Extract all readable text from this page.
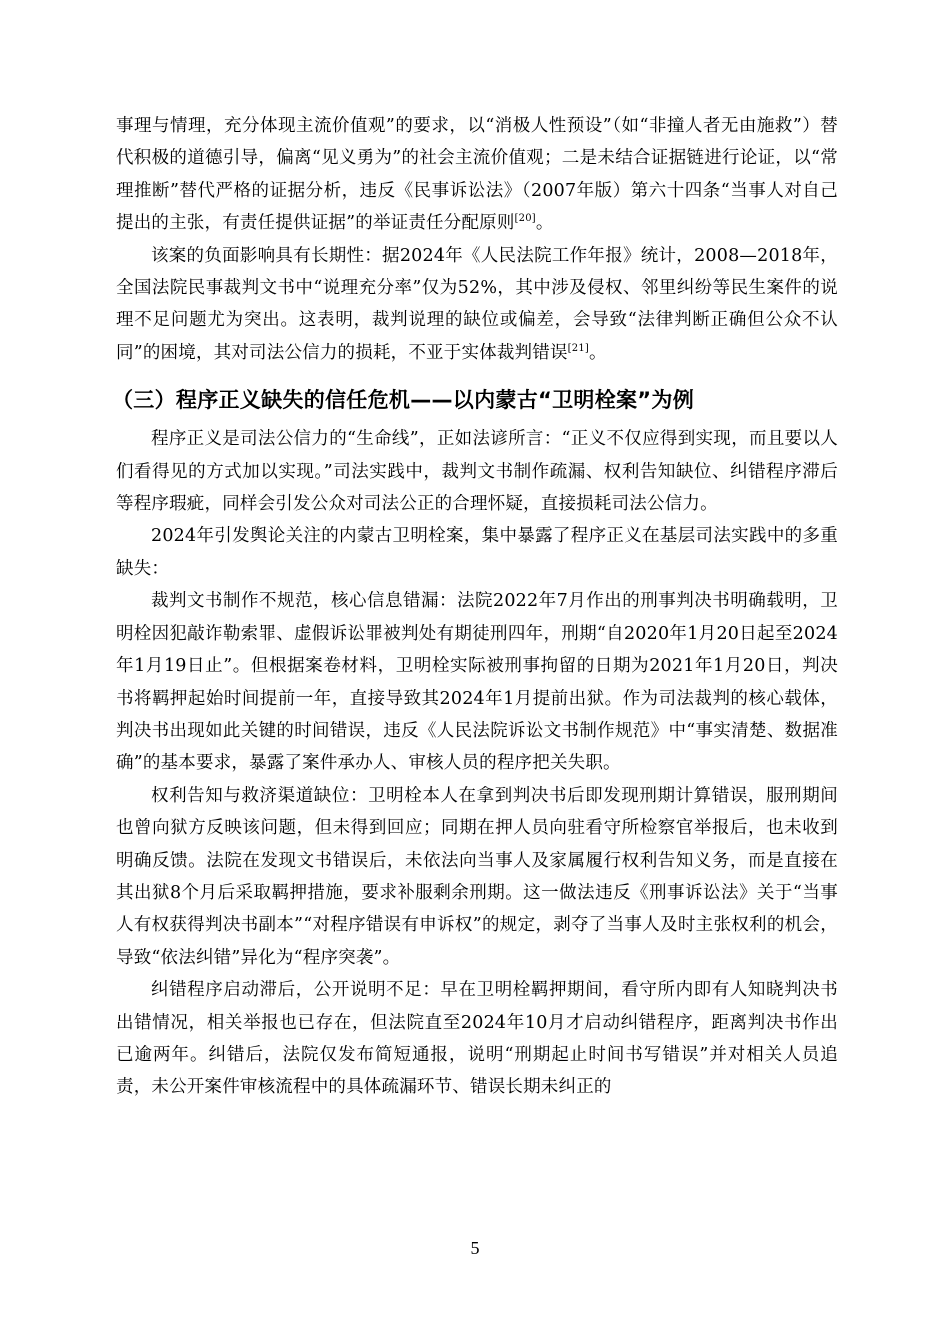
事理与情理，充分体现主流价值观”的要求，以“消极人性预设”（如“非撞人者无由施救”）替代积极的道德引导，偏离“见义勇为”的社会主流价值观；二是未结合证据链进行论证，以“常理推断”替代严格的证据分析，违反《民事诉讼法》（2007年版）第六十四条“当事人对自己提出的主张，有责任提供证据”的举证责任分配原则[20]。

该案的负面影响具有长期性：据2024年《人民法院工作年报》统计，2008—2018年，全国法院民事裁判文书中“说理充分率”仅为52%，其中涉及侵权、邻里纠纷等民生案件的说理不足问题尤为突出。这表明，裁判说理的缺位或偏差，会导致“法律判断正确但公众不认同”的困境，其对司法公信力的损耗，不亚于实体裁判错误[21]。

（三）程序正义缺失的信任危机——以内蒙古“卫明栓案”为例

程序正义是司法公信力的“生命线”，正如法谚所言：“正义不仅应得到实现，而且要以人们看得见的方式加以实现。”司法实践中，裁判文书制作疏漏、权利告知缺位、纠错程序滞后等程序瑕疵，同样会引发公众对司法公正的合理怀疑，直接损耗司法公信力。

2024年引发舆论关注的内蒙古卫明栓案，集中暴露了程序正义在基层司法实践中的多重缺失：

裁判文书制作不规范，核心信息错漏：法院2022年7月作出的刑事判决书明确载明，卫明栓因犯敲诈勒索罪、虚假诉讼罪被判处有期徒刑四年，刑期“自2020年1月20日起至2024年1月19日止”。但根据案卷材料，卫明栓实际被刑事拘留的日期为2021年1月20日，判决书将羁押起始时间提前一年，直接导致其2024年1月提前出狱。作为司法裁判的核心载体，判决书出现如此关键的时间错误，违反《人民法院诉讼文书制作规范》中“事实清楚、数据准确”的基本要求，暴露了案件承办人、审核人员的程序把关失职。

权利告知与救济渠道缺位：卫明栓本人在拿到判决书后即发现刑期计算错误，服刑期间也曾向狱方反映该问题，但未得到回应；同期在押人员向驻看守所检察官举报后，也未收到明确反馈。法院在发现文书错误后，未依法向当事人及家属履行权利告知义务，而是直接在其出狱8个月后采取羁押措施，要求补服剩余刑期。这一做法违反《刑事诉讼法》关于“当事人有权获得判决书副本”“对程序错误有申诉权”的规定，剥夺了当事人及时主张权利的机会，导致“依法纠错”异化为“程序突袭”。

纠错程序启动滞后，公开说明不足：早在卫明栓羁押期间，看守所内即有人知晓判决书出错情况，相关举报也已存在，但法院直至2024年10月才启动纠错程序，距离判决书作出已逾两年。纠错后，法院仅发布简短通报，说明“刑期起止时间书写错误”并对相关人员追责，未公开案件审核流程中的具体疏漏环节、错误长期未纠正的

5
